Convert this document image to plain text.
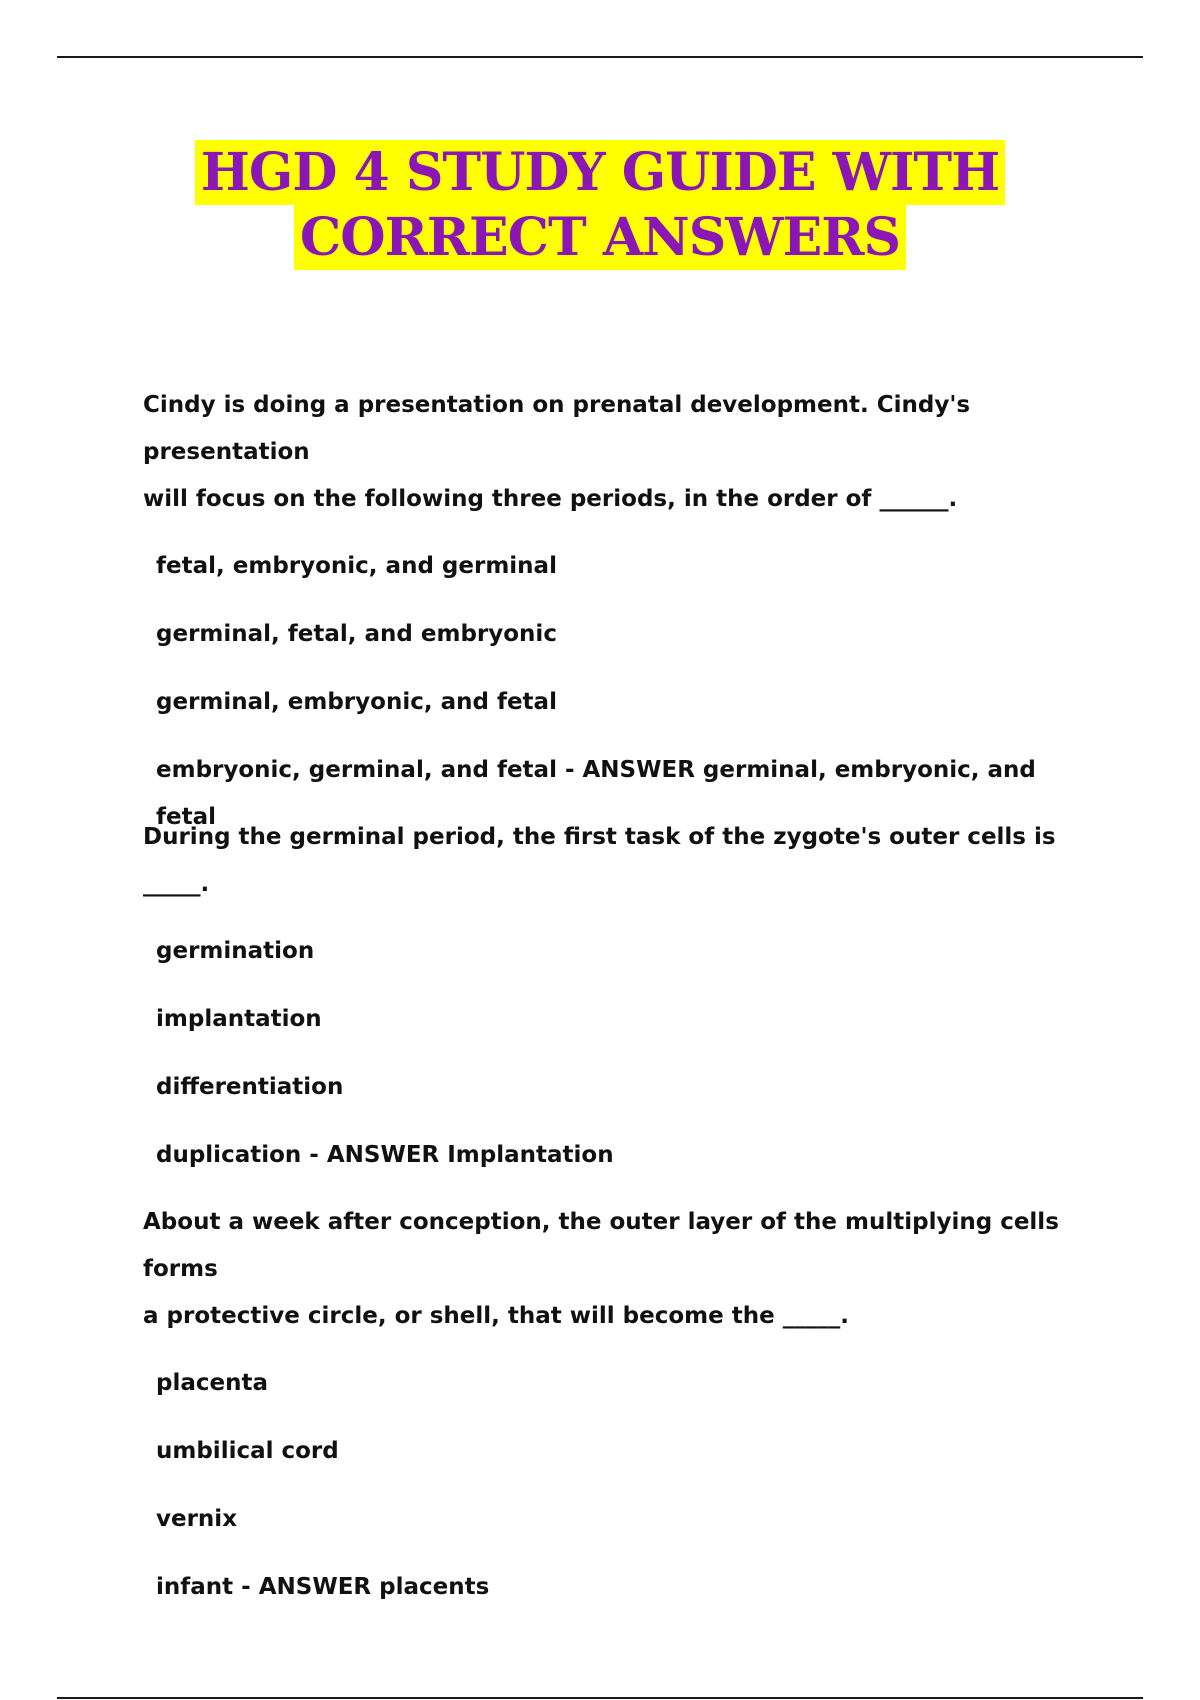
HGD 4 STUDY GUIDE WITH
CORRECT ANSWERS
Cindy is doing a presentation on prenatal development. Cindy's presentation
will focus on the following three periods, in the order of ______.
fetal, embryonic, and germinal
germinal, fetal, and embryonic
germinal, embryonic, and fetal
embryonic, germinal, and fetal - ANSWER germinal, embryonic, and fetal
During the germinal period, the first task of the zygote's outer cells is _____.
germination
implantation
differentiation
duplication - ANSWER Implantation
About a week after conception, the outer layer of the multiplying cells forms
a protective circle, or shell, that will become the _____.
placenta
umbilical cord
vernix
infant - ANSWER placents
